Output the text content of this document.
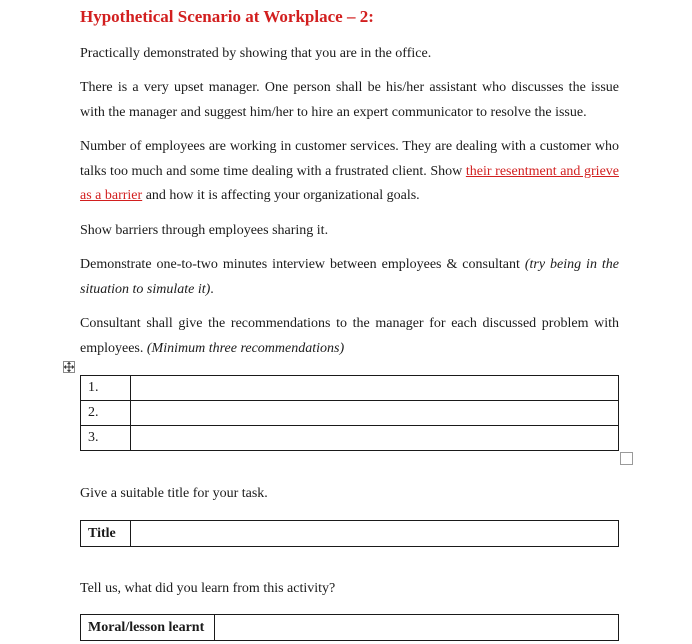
Hypothetical Scenario at Workplace – 2:

Practically demonstrated by showing that you are in the office.

There is a very upset manager. One person shall be his/her assistant who discusses the issue with the manager and suggest him/her to hire an expert communicator to resolve the issue.

Number of employees are working in customer services. They are dealing with a customer who talks too much and some time dealing with a frustrated client. Show their resentment and grieve as a barrier and how it is affecting your organizational goals.

Show barriers through employees sharing it.

Demonstrate one-to-two minutes interview between employees & consultant (try being in the situation to simulate it).

Consultant shall give the recommendations to the manager for each discussed problem with employees. (Minimum three recommendations)

1.	
2.	
3.	

Give a suitable title for your task.

Title	

Tell us, what did you learn from this activity?

Moral/lesson learnt	
